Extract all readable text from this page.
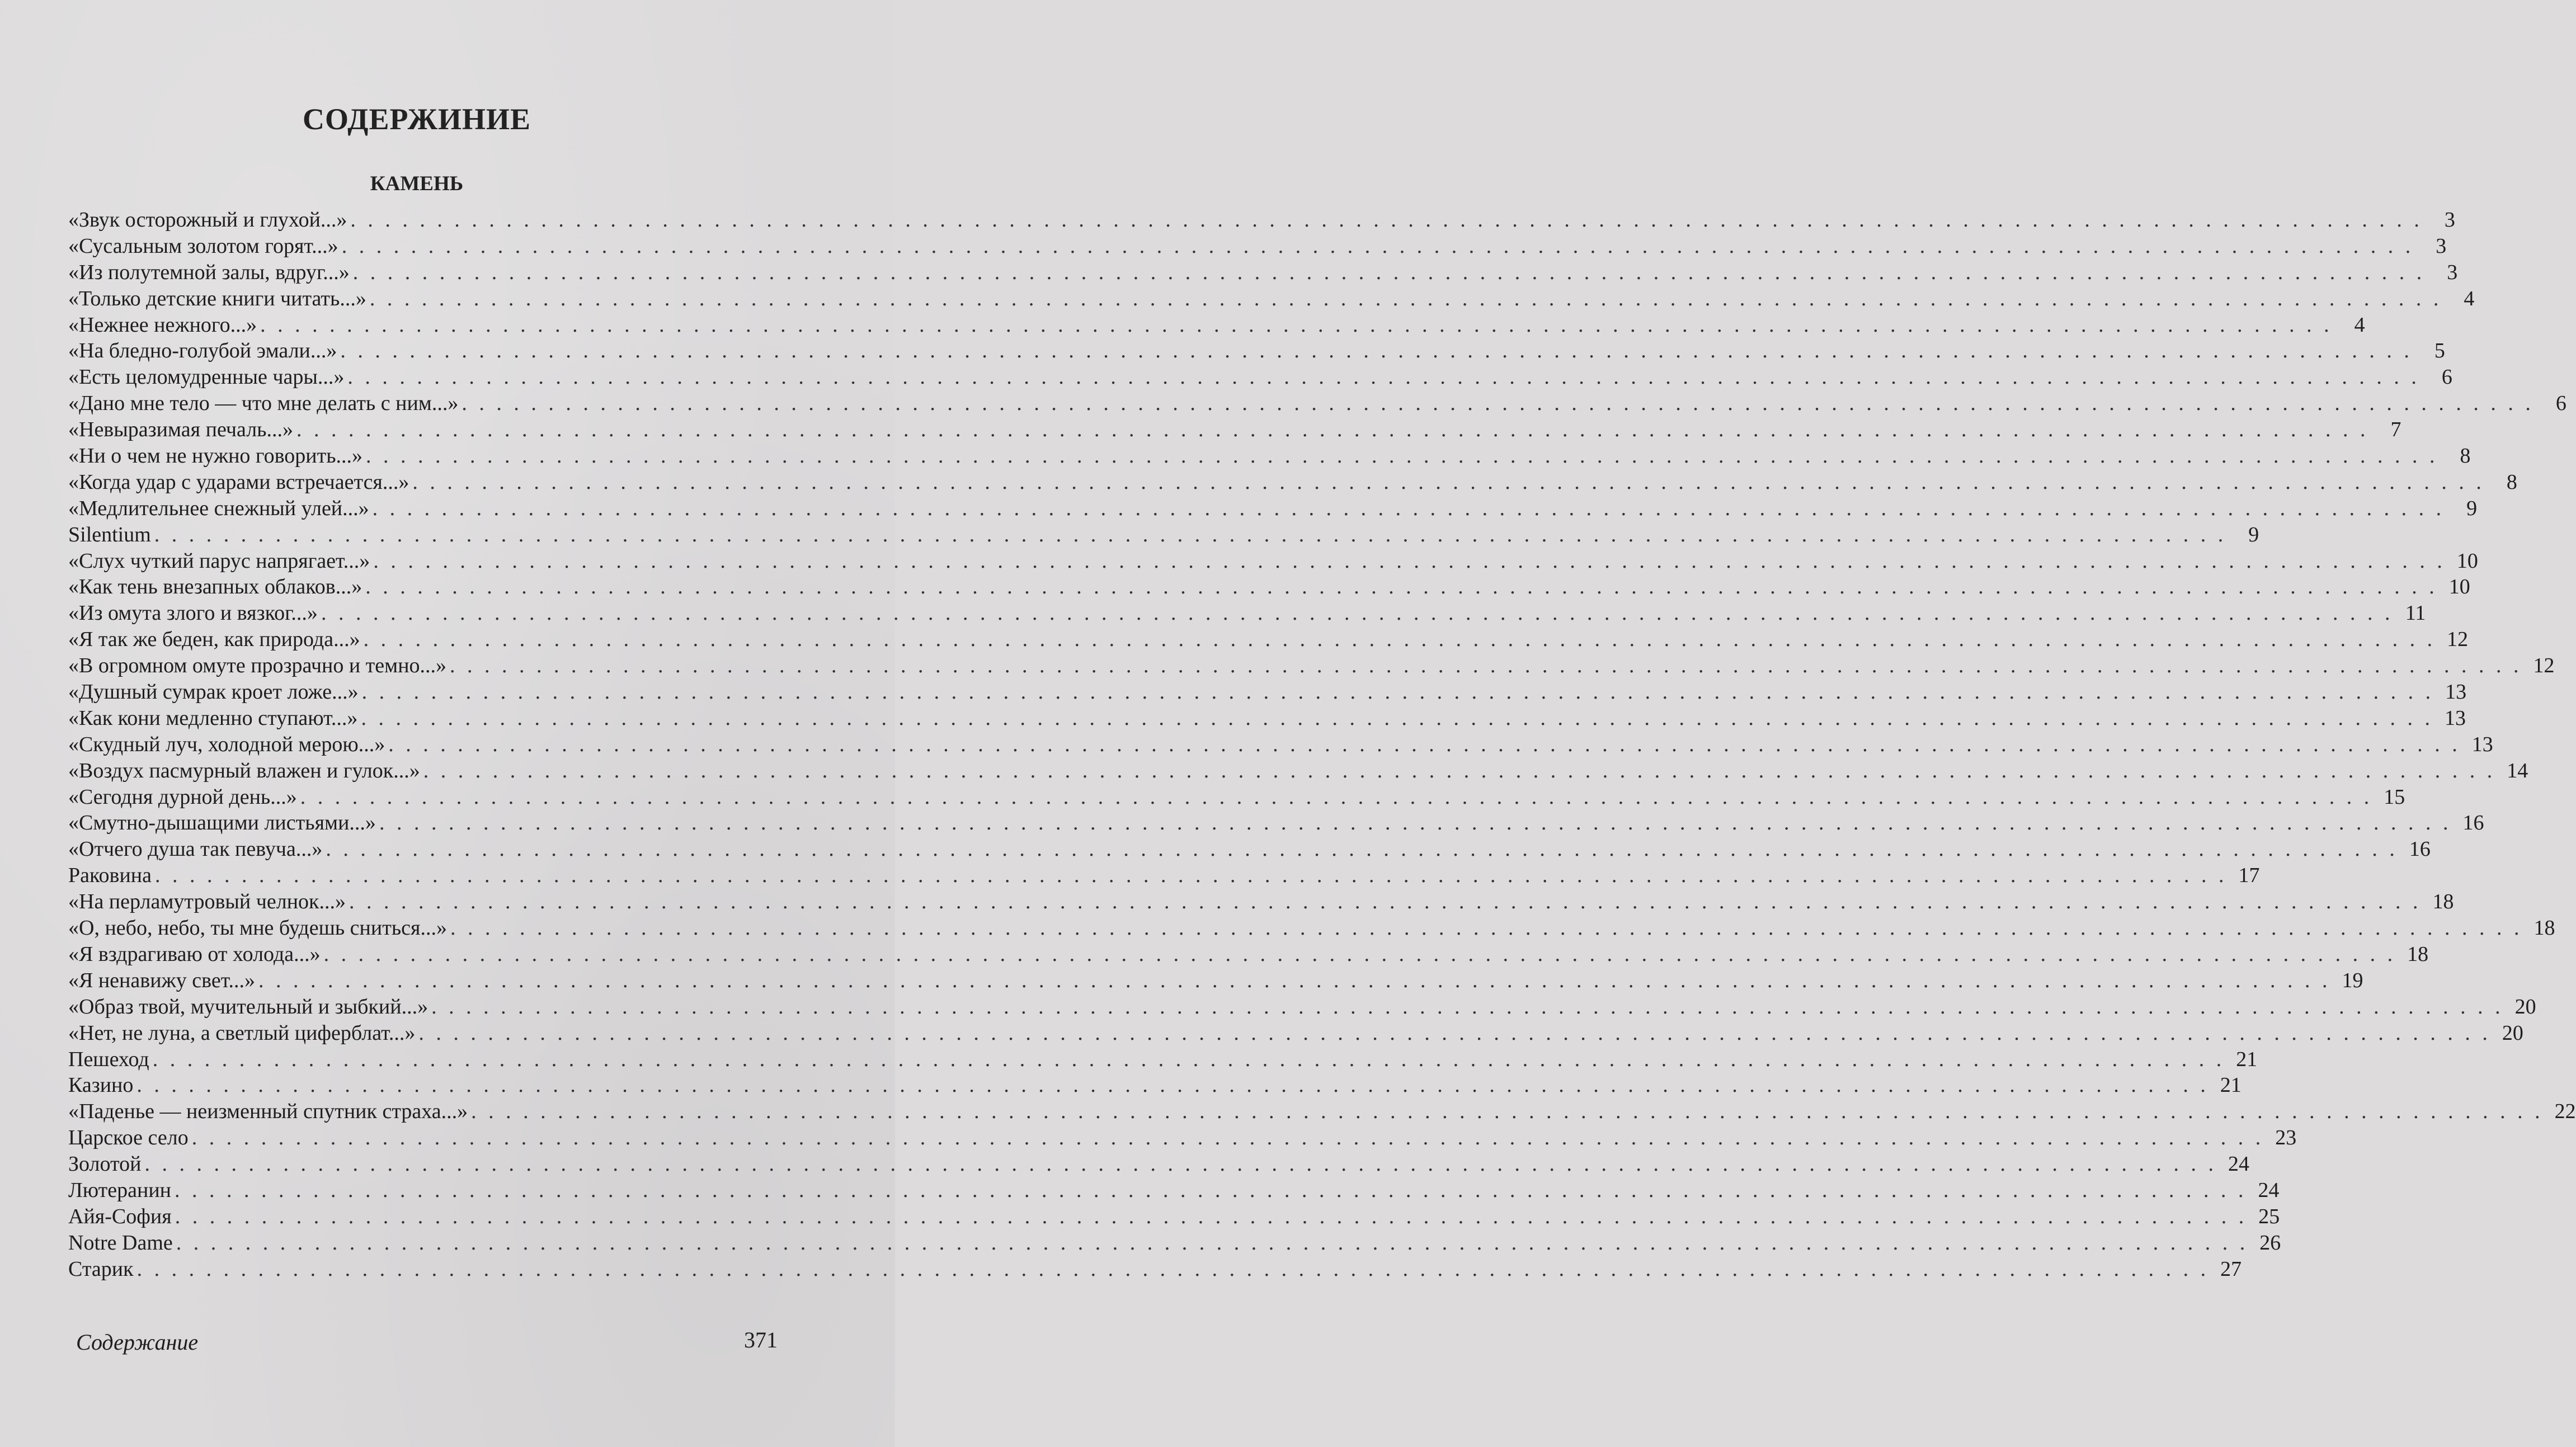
СОДЕРЖИНИЕ
КАМЕНЬ
«Звук осторожный и глухой...» . . . . . . . . . . . . . . . . . . . . . . . . . . . . . . . . . . . . . . . . . . . . . . . . . . . . . . . . . . . . . . . . . . . . . . . . . . . . . . . . . . . . . . . . . . . . . . . . . . . . . . . . . . . . . . . . . . . . . . . .	3
«Сусальным золотом горят...» . . . . . . . . . . . . . . . . . . . . . . . . . . . . . . . . . . . . . . . . . . . . . . . . . . . . . . . . . . . . . . . . . . . . . . . . . . . . . . . . . . . . . . . . . . . . . . . . . . . . . . . . . . . . . . . . . . . . . . . .	3
«Из полутемной залы, вдруг...» . . . . . . . . . . . . . . . . . . . . . . . . . . . . . . . . . . . . . . . . . . . . . . . . . . . . . . . . . . . . . . . . . . . . . . . . . . . . . . . . . . . . . . . . . . . . . . . . . . . . . . . . . . . . . . . . . . . . . . . .	3
«Только детские книги читать...» . . . . . . . . . . . . . . . . . . . . . . . . . . . . . . . . . . . . . . . . . . . . . . . . . . . . . . . . . . . . . . . . . . . . . . . . . . . . . . . . . . . . . . . . . . . . . . . . . . . . . . . . . . . . . . . . . . . . . . . .	4
«Нежнее нежного...» . . . . . . . . . . . . . . . . . . . . . . . . . . . . . . . . . . . . . . . . . . . . . . . . . . . . . . . . . . . . . . . . . . . . . . . . . . . . . . . . . . . . . . . . . . . . . . . . . . . . . . . . . . . . . . . . . . . . . . . .	4
«На бледно-голубой эмали...» . . . . . . . . . . . . . . . . . . . . . . . . . . . . . . . . . . . . . . . . . . . . . . . . . . . . . . . . . . . . . . . . . . . . . . . . . . . . . . . . . . . . . . . . . . . . . . . . . . . . . . . . . . . . . . . . . . . . . . . .	5
«Есть целомудренные чары...» . . . . . . . . . . . . . . . . . . . . . . . . . . . . . . . . . . . . . . . . . . . . . . . . . . . . . . . . . . . . . . . . . . . . . . . . . . . . . . . . . . . . . . . . . . . . . . . . . . . . . . . . . . . . . . . . . . . . . . . .	6
«Дано мне тело — что мне делать с ним...» . . . . . . . . . . . . . . . . . . . . . . . . . . . . . . . . . . . . . . . . . . . . . . . . . . . . . . . . . . . . . . . . . . . . . . . . . . . . . . . . . . . . . . . . . . . . . . . . . . . . . . . . . . . . . . . . . . . . . . . .	6
«Невыразимая печаль...» . . . . . . . . . . . . . . . . . . . . . . . . . . . . . . . . . . . . . . . . . . . . . . . . . . . . . . . . . . . . . . . . . . . . . . . . . . . . . . . . . . . . . . . . . . . . . . . . . . . . . . . . . . . . . . . . . . . . . . . .	7
«Ни о чем не нужно говорить...» . . . . . . . . . . . . . . . . . . . . . . . . . . . . . . . . . . . . . . . . . . . . . . . . . . . . . . . . . . . . . . . . . . . . . . . . . . . . . . . . . . . . . . . . . . . . . . . . . . . . . . . . . . . . . . . . . . . . . . . .	8
«Когда удар с ударами встречается...» . . . . . . . . . . . . . . . . . . . . . . . . . . . . . . . . . . . . . . . . . . . . . . . . . . . . . . . . . . . . . . . . . . . . . . . . . . . . . . . . . . . . . . . . . . . . . . . . . . . . . . . . . . . . . . . . . . . . . . . .	8
«Медлительнее снежный улей...» . . . . . . . . . . . . . . . . . . . . . . . . . . . . . . . . . . . . . . . . . . . . . . . . . . . . . . . . . . . . . . . . . . . . . . . . . . . . . . . . . . . . . . . . . . . . . . . . . . . . . . . . . . . . . . . . . . . . . . . .	9
Silentium . . . . . . . . . . . . . . . . . . . . . . . . . . . . . . . . . . . . . . . . . . . . . . . . . . . . . . . . . . . . . . . . . . . . . . . . . . . . . . . . . . . . . . . . . . . . . . . . . . . . . . . . . . . . . . . . . . . . . . . .	9
«Слух чуткий парус напрягает...» . . . . . . . . . . . . . . . . . . . . . . . . . . . . . . . . . . . . . . . . . . . . . . . . . . . . . . . . . . . . . . . . . . . . . . . . . . . . . . . . . . . . . . . . . . . . . . . . . . . . . . . . . . . . . . . . . . . . . . . . 10
«Как тень внезапных облаков...» . . . . . . . . . . . . . . . . . . . . . . . . . . . . . . . . . . . . . . . . . . . . . . . . . . . . . . . . . . . . . . . . . . . . . . . . . . . . . . . . . . . . . . . . . . . . . . . . . . . . . . . . . . . . . . . . . . . . . . . . 10
«Из омута злого и вязког...» . . . . . . . . . . . . . . . . . . . . . . . . . . . . . . . . . . . . . . . . . . . . . . . . . . . . . . . . . . . . . . . . . . . . . . . . . . . . . . . . . . . . . . . . . . . . . . . . . . . . . . . . . . . . . . . . . . . . . . . . 11
«Я так же беден, как природа...» . . . . . . . . . . . . . . . . . . . . . . . . . . . . . . . . . . . . . . . . . . . . . . . . . . . . . . . . . . . . . . . . . . . . . . . . . . . . . . . . . . . . . . . . . . . . . . . . . . . . . . . . . . . . . . . . . . . . . . . . 12
«В огромном омуте прозрачно и темно...» . . . . . . . . . . . . . . . . . . . . . . . . . . . . . . . . . . . . . . . . . . . . . . . . . . . . . . . . . . . . . . . . . . . . . . . . . . . . . . . . . . . . . . . . . . . . . . . . . . . . . . . . . . . . . . . . . . . . . . . . 12
«Душный сумрак кроет ложе...» . . . . . . . . . . . . . . . . . . . . . . . . . . . . . . . . . . . . . . . . . . . . . . . . . . . . . . . . . . . . . . . . . . . . . . . . . . . . . . . . . . . . . . . . . . . . . . . . . . . . . . . . . . . . . . . . . . . . . . . . 13
«Как кони медленно ступают...» . . . . . . . . . . . . . . . . . . . . . . . . . . . . . . . . . . . . . . . . . . . . . . . . . . . . . . . . . . . . . . . . . . . . . . . . . . . . . . . . . . . . . . . . . . . . . . . . . . . . . . . . . . . . . . . . . . . . . . . . 13
«Скудный луч, холодной мерою...» . . . . . . . . . . . . . . . . . . . . . . . . . . . . . . . . . . . . . . . . . . . . . . . . . . . . . . . . . . . . . . . . . . . . . . . . . . . . . . . . . . . . . . . . . . . . . . . . . . . . . . . . . . . . . . . . . . . . . . . . 13
«Воздух пасмурный влажен и гулок...» . . . . . . . . . . . . . . . . . . . . . . . . . . . . . . . . . . . . . . . . . . . . . . . . . . . . . . . . . . . . . . . . . . . . . . . . . . . . . . . . . . . . . . . . . . . . . . . . . . . . . . . . . . . . . . . . . . . . . . . . 14
«Сегодня дурной день...» . . . . . . . . . . . . . . . . . . . . . . . . . . . . . . . . . . . . . . . . . . . . . . . . . . . . . . . . . . . . . . . . . . . . . . . . . . . . . . . . . . . . . . . . . . . . . . . . . . . . . . . . . . . . . . . . . . . . . . . . 15
«Смутно-дышащими листьями...» . . . . . . . . . . . . . . . . . . . . . . . . . . . . . . . . . . . . . . . . . . . . . . . . . . . . . . . . . . . . . . . . . . . . . . . . . . . . . . . . . . . . . . . . . . . . . . . . . . . . . . . . . . . . . . . . . . . . . . . . 16
«Отчего душа так певуча...» . . . . . . . . . . . . . . . . . . . . . . . . . . . . . . . . . . . . . . . . . . . . . . . . . . . . . . . . . . . . . . . . . . . . . . . . . . . . . . . . . . . . . . . . . . . . . . . . . . . . . . . . . . . . . . . . . . . . . . . . 16
Раковина . . . . . . . . . . . . . . . . . . . . . . . . . . . . . . . . . . . . . . . . . . . . . . . . . . . . . . . . . . . . . . . . . . . . . . . . . . . . . . . . . . . . . . . . . . . . . . . . . . . . . . . . . . . . . . . . . . . . . . . . 17
«На перламутровый челнок...» . . . . . . . . . . . . . . . . . . . . . . . . . . . . . . . . . . . . . . . . . . . . . . . . . . . . . . . . . . . . . . . . . . . . . . . . . . . . . . . . . . . . . . . . . . . . . . . . . . . . . . . . . . . . . . . . . . . . . . . . 18
«О, небо, небо, ты мне будешь сниться...» . . . . . . . . . . . . . . . . . . . . . . . . . . . . . . . . . . . . . . . . . . . . . . . . . . . . . . . . . . . . . . . . . . . . . . . . . . . . . . . . . . . . . . . . . . . . . . . . . . . . . . . . . . . . . . . . . . . . . . . . 18
«Я вздрагиваю от холода...» . . . . . . . . . . . . . . . . . . . . . . . . . . . . . . . . . . . . . . . . . . . . . . . . . . . . . . . . . . . . . . . . . . . . . . . . . . . . . . . . . . . . . . . . . . . . . . . . . . . . . . . . . . . . . . . . . . . . . . . . 18
«Я ненавижу свет...» . . . . . . . . . . . . . . . . . . . . . . . . . . . . . . . . . . . . . . . . . . . . . . . . . . . . . . . . . . . . . . . . . . . . . . . . . . . . . . . . . . . . . . . . . . . . . . . . . . . . . . . . . . . . . . . . . . . . . . . . 19
«Образ твой, мучительный и зыбкий...» . . . . . . . . . . . . . . . . . . . . . . . . . . . . . . . . . . . . . . . . . . . . . . . . . . . . . . . . . . . . . . . . . . . . . . . . . . . . . . . . . . . . . . . . . . . . . . . . . . . . . . . . . . . . . . . . . . . . . . . . 20
«Нет, не луна, а светлый циферблат...» . . . . . . . . . . . . . . . . . . . . . . . . . . . . . . . . . . . . . . . . . . . . . . . . . . . . . . . . . . . . . . . . . . . . . . . . . . . . . . . . . . . . . . . . . . . . . . . . . . . . . . . . . . . . . . . . . . . . . . . . 20
Пешеход . . . . . . . . . . . . . . . . . . . . . . . . . . . . . . . . . . . . . . . . . . . . . . . . . . . . . . . . . . . . . . . . . . . . . . . . . . . . . . . . . . . . . . . . . . . . . . . . . . . . . . . . . . . . . . . . . . . . . . . . 21
Казино . . . . . . . . . . . . . . . . . . . . . . . . . . . . . . . . . . . . . . . . . . . . . . . . . . . . . . . . . . . . . . . . . . . . . . . . . . . . . . . . . . . . . . . . . . . . . . . . . . . . . . . . . . . . . . . . . . . . . . . . 21
«Паденье — неизменный спутник страха...» . . . . . . . . . . . . . . . . . . . . . . . . . . . . . . . . . . . . . . . . . . . . . . . . . . . . . . . . . . . . . . . . . . . . . . . . . . . . . . . . . . . . . . . . . . . . . . . . . . . . . . . . . . . . . . . . . . . . . . . . 22
Царское село . . . . . . . . . . . . . . . . . . . . . . . . . . . . . . . . . . . . . . . . . . . . . . . . . . . . . . . . . . . . . . . . . . . . . . . . . . . . . . . . . . . . . . . . . . . . . . . . . . . . . . . . . . . . . . . . . . . . . . . . 23
Золотой . . . . . . . . . . . . . . . . . . . . . . . . . . . . . . . . . . . . . . . . . . . . . . . . . . . . . . . . . . . . . . . . . . . . . . . . . . . . . . . . . . . . . . . . . . . . . . . . . . . . . . . . . . . . . . . . . . . . . . . . 24
Лютеранин . . . . . . . . . . . . . . . . . . . . . . . . . . . . . . . . . . . . . . . . . . . . . . . . . . . . . . . . . . . . . . . . . . . . . . . . . . . . . . . . . . . . . . . . . . . . . . . . . . . . . . . . . . . . . . . . . . . . . . . . 24
Айя-София . . . . . . . . . . . . . . . . . . . . . . . . . . . . . . . . . . . . . . . . . . . . . . . . . . . . . . . . . . . . . . . . . . . . . . . . . . . . . . . . . . . . . . . . . . . . . . . . . . . . . . . . . . . . . . . . . . . . . . . . 25
Notre Dame . . . . . . . . . . . . . . . . . . . . . . . . . . . . . . . . . . . . . . . . . . . . . . . . . . . . . . . . . . . . . . . . . . . . . . . . . . . . . . . . . . . . . . . . . . . . . . . . . . . . . . . . . . . . . . . . . . . . . . . . 26
Старик . . . . . . . . . . . . . . . . . . . . . . . . . . . . . . . . . . . . . . . . . . . . . . . . . . . . . . . . . . . . . . . . . . . . . . . . . . . . . . . . . . . . . . . . . . . . . . . . . . . . . . . . . . . . . . . . . . . . . . . . 27
Содержание	371
